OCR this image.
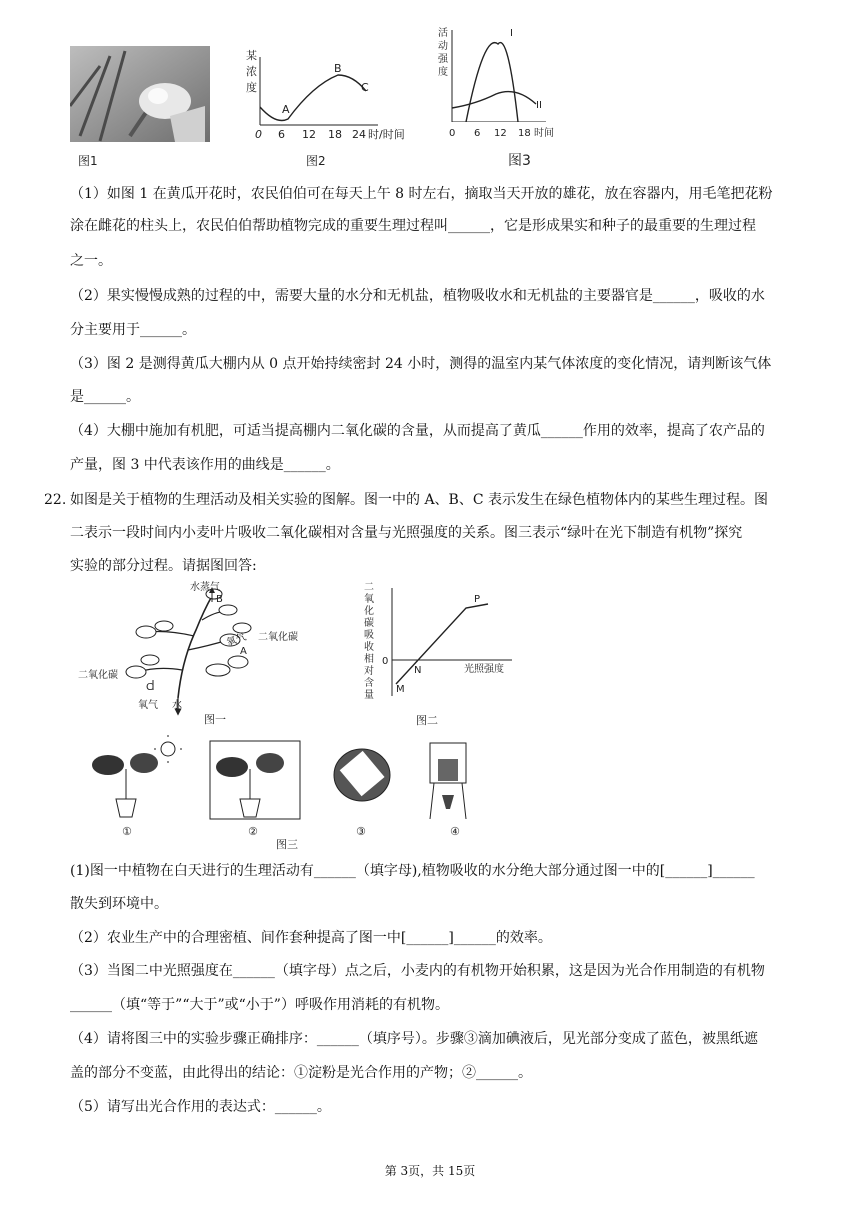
图1
某
浓
度
A
B
C
0 6 12 18 24 时/时间
图2
活
动
强
度
I
II
0 6 12 18 时间
图3
（1）如图 1 在黄瓜开花时，农民伯伯可在每天上午 8 时左右，摘取当天开放的雄花，放在容器内，用毛笔把花粉
涂在雌花的柱头上，农民伯伯帮助植物完成的重要生理过程叫______，它是形成果实和种子的最重要的生理过程
之一。
（2）果实慢慢成熟的过程的中，需要大量的水分和无机盐，植物吸收水和无机盐的主要器官是______，吸收的水
分主要用于______。
（3）图 2 是测得黄瓜大棚内从 0 点开始持续密封 24 小时，测得的温室内某气体浓度的变化情况，请判断该气体
是______。
（4）大棚中施加有机肥，可适当提高棚内二氧化碳的含量，从而提高了黄瓜______作用的效率，提高了农产品的
产量，图 3 中代表该作用的曲线是______。
22. 如图是关于植物的生理活动及相关实验的图解。图一中的 A、B、C 表示发生在绿色植物体内的某些生理过程。图
二表示一段时间内小麦叶片吸收二氧化碳相对含量与光照强度的关系。图三表示“绿叶在光下制造有机物”探究
实验的部分过程。请据图回答:
水蒸气
B
氧气 二氧化碳
A
二氧化碳
C
氧气 水
图一
二
氧
化
碳
吸
收
相
对
含
量
0
M
N
P
光照强度
图二
①	②	③	④
图三
(1)图一中植物在白天进行的生理活动有______（填字母),植物吸收的水分绝大部分通过图一中的[______]______
散失到环境中。
（2）农业生产中的合理密植、间作套种提高了图一中[______]______的效率。
（3）当图二中光照强度在______（填字母）点之后，小麦内的有机物开始积累，这是因为光合作用制造的有机物
______（填“等于”“大于”或“小于”）呼吸作用消耗的有机物。
（4）请将图三中的实验步骤正确排序：______（填序号）。步骤③滴加碘液后，见光部分变成了蓝色，被黑纸遮
盖的部分不变蓝，由此得出的结论：①淀粉是光合作用的产物；②______。
（5）请写出光合作用的表达式：______。
第 3页，共 15页
